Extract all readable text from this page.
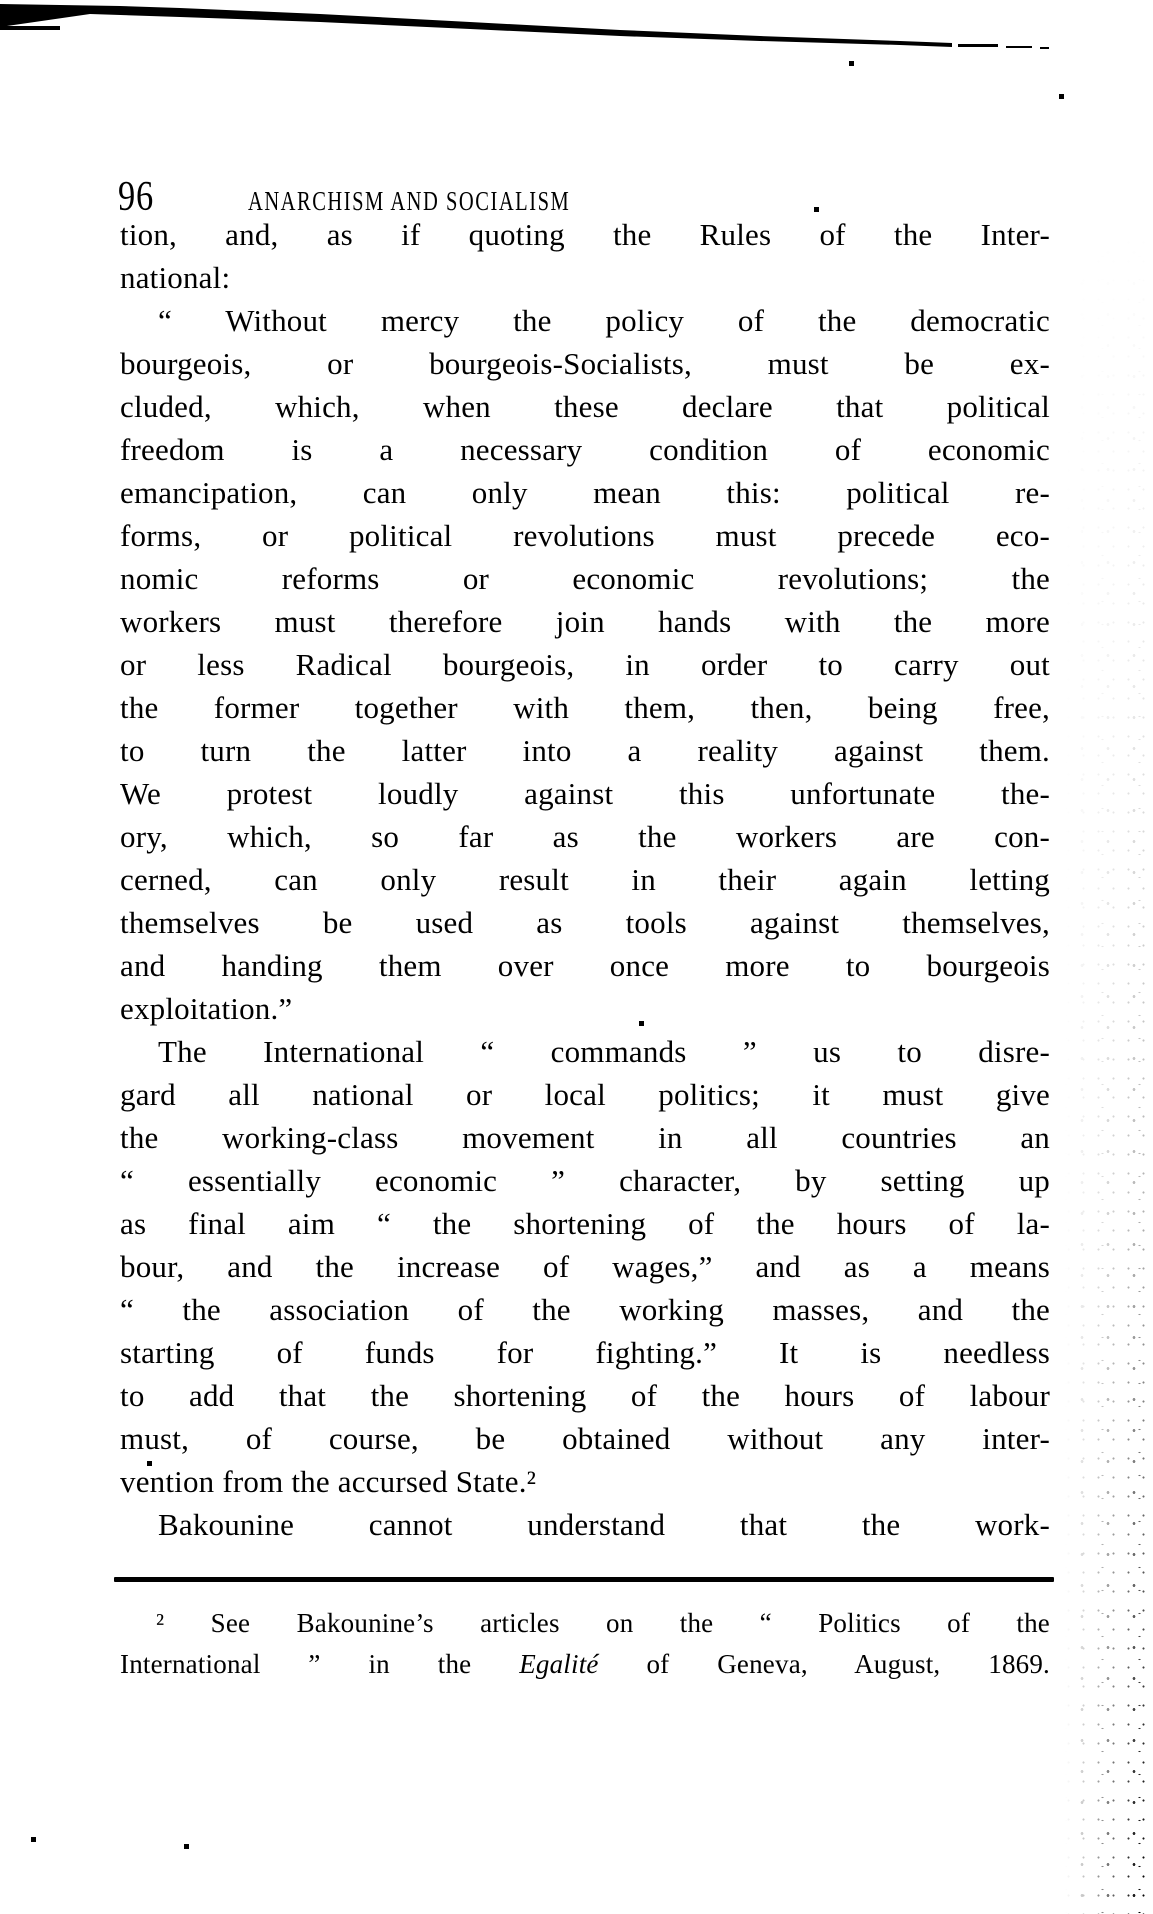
96	ANARCHISM AND SOCIALISM
tion, and, as if quoting the Rules of the Inter-
national:
“ Without mercy the policy of the democratic
bourgeois, or bourgeois-Socialists, must be ex-
cluded, which, when these declare that political
freedom is a necessary condition of economic
emancipation, can only mean this: political re-
forms, or political revolutions must precede eco-
nomic reforms or economic revolutions; the
workers must therefore join hands with the more
or less Radical bourgeois, in order to carry out
the former together with them, then, being free,
to turn the latter into a reality against them.
We protest loudly against this unfortunate the-
ory, which, so far as the workers are con-
cerned, can only result in their again letting
themselves be used as tools against themselves,
and handing them over once more to bourgeois
exploitation.”
The International “ commands ” us to disre-
gard all national or local politics; it must give
the working-class movement in all countries an
“ essentially economic ” character, by setting up
as final aim “ the shortening of the hours of la-
bour, and the increase of wages,” and as a means
“ the association of the working masses, and the
starting of funds for fighting.” It is needless
to add that the shortening of the hours of labour
must, of course, be obtained without any inter-
vention from the accursed State.²
Bakounine cannot understand that the work-
² See Bakounine’s articles on the “ Politics of the
International ” in the Egalité of Geneva, August, 1869.
